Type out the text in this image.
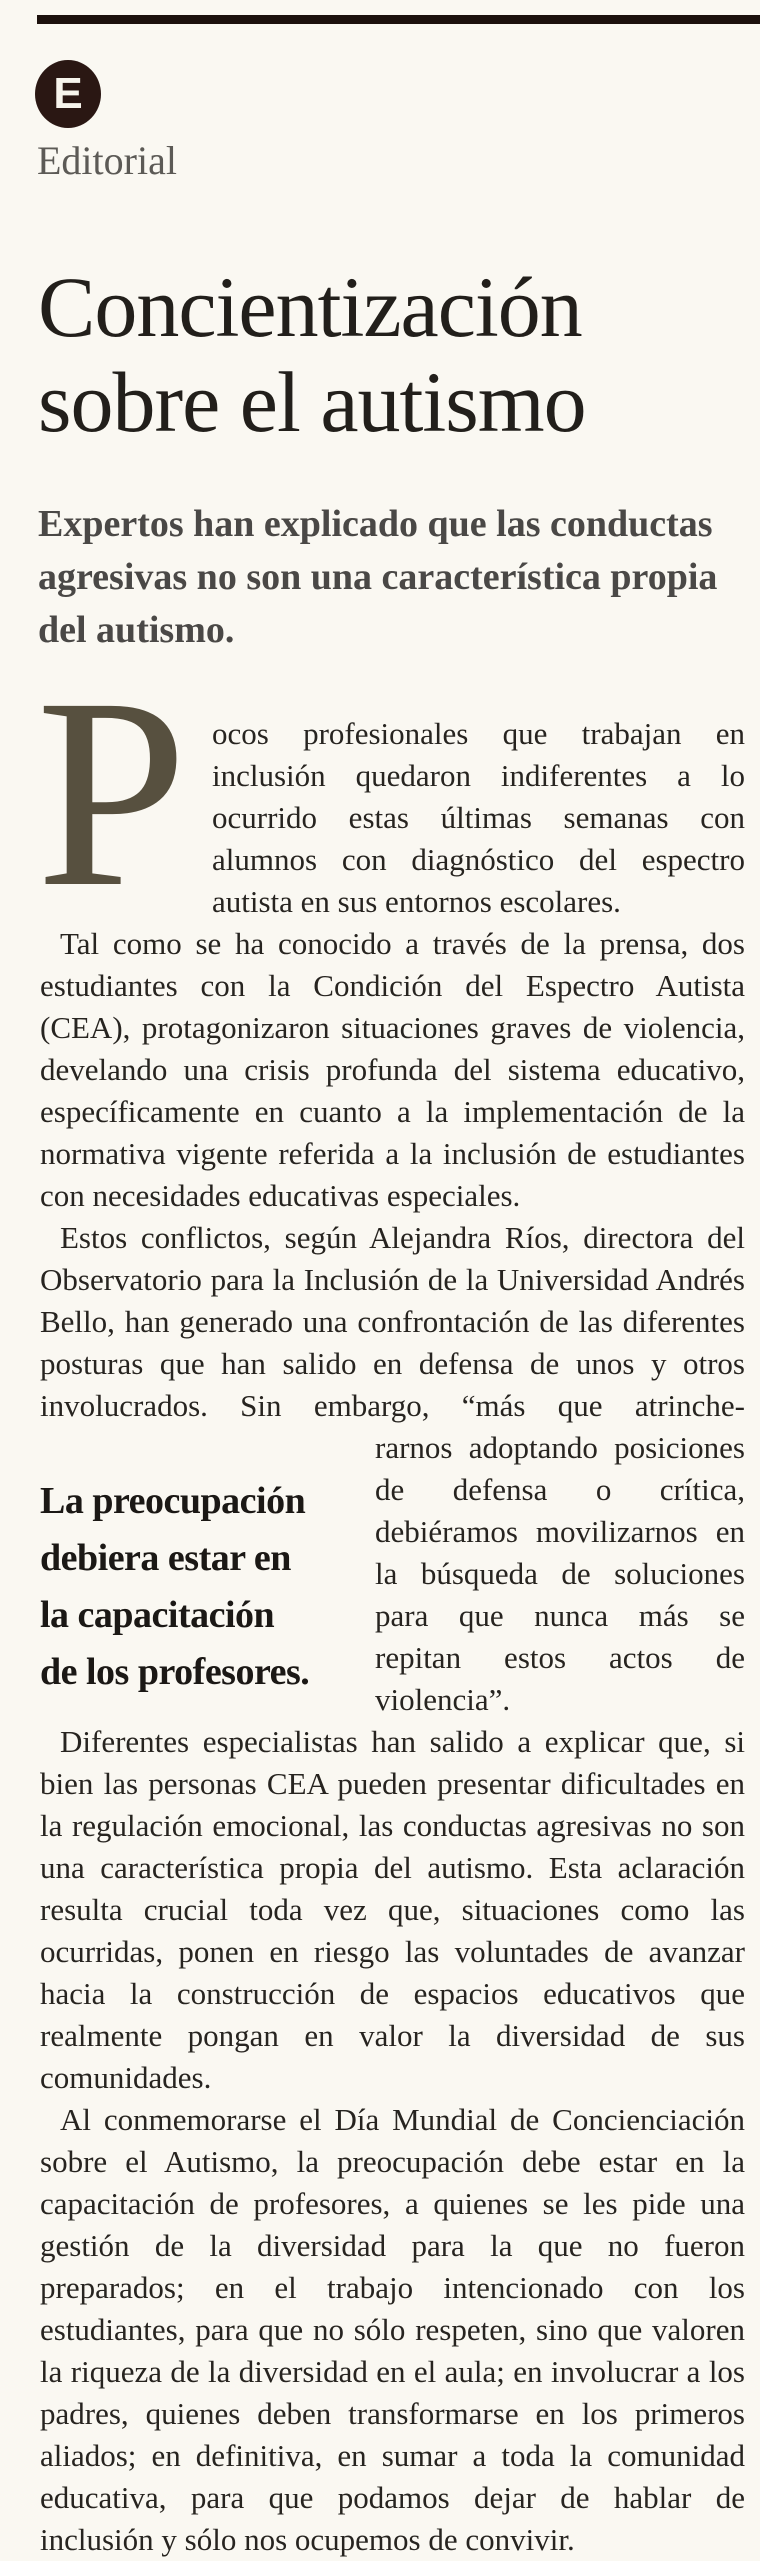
E
Editorial
Concientización
sobre el autismo
Expertos han explicado que las conductas
agresivas no son una característica propia
del autismo.

P ocos profesionales que trabajan en inclusión quedaron indiferentes a lo ocurrido estas últimas semanas con alumnos con diagnóstico del espectro autista en sus entornos escolares.

Tal como se ha conocido a través de la prensa, dos estudiantes con la Condición del Espectro Autista (CEA), protagonizaron situaciones graves de violencia, develando una crisis profunda del sistema educativo, específicamente en cuanto a la implementación de la normativa vigente referida a la inclusión de estudiantes con necesidades educativas especiales.

Estos conflictos, según Alejandra Ríos, directora del Observatorio para la Inclusión de la Universidad Andrés Bello, han generado una confrontación de las diferentes posturas que han salido en defensa de unos y otros involucrados. Sin embargo, “más que atrinche-

La preocupación
debiera estar en
la capacitación
de los profesores.

rarnos adoptando posiciones de defensa o crítica, debiéramos movilizarnos en la búsqueda de soluciones para que nunca más se repitan estos actos de violencia”.

Diferentes especialistas han salido a explicar que, si bien las personas CEA pueden presentar dificultades en la regulación emocional, las conductas agresivas no son una característica propia del autismo. Esta aclaración resulta crucial toda vez que, situaciones como las ocurridas, ponen en riesgo las voluntades de avanzar hacia la construcción de espacios educativos que realmente pongan en valor la diversidad de sus comunidades.

Al conmemorarse el Día Mundial de Concienciación sobre el Autismo, la preocupación debe estar en la capacitación de profesores, a quienes se les pide una gestión de la diversidad para la que no fueron preparados; en el trabajo intencionado con los estudiantes, para que no sólo respeten, sino que valoren la riqueza de la diversidad en el aula; en involucrar a los padres, quienes deben transformarse en los primeros aliados; en definitiva, en sumar a toda la comunidad educativa, para que podamos dejar de hablar de inclusión y sólo nos ocupemos de convivir.
